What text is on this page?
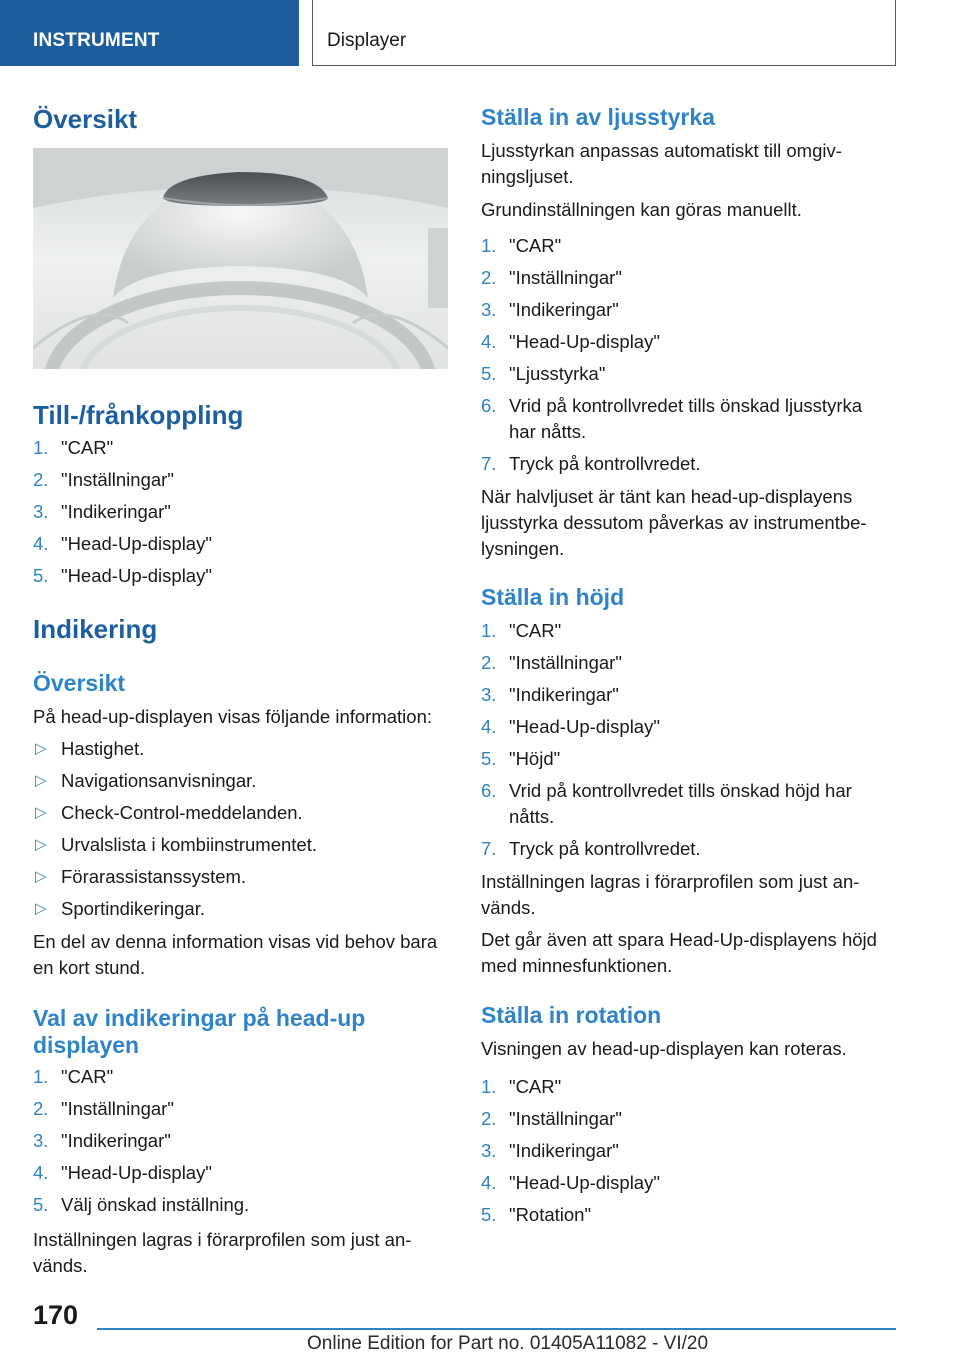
INSTRUMENT	Displayer
Översikt
Till-/frånkoppling
1. "CAR"
2. "Inställningar"
3. "Indikeringar"
4. "Head-Up-display"
5. "Head-Up-display"
Indikering
Översikt
På head-up-displayen visas följande information:
▷ Hastighet.
▷ Navigationsanvisningar.
▷ Check-Control-meddelanden.
▷ Urvalslista i kombiinstrumentet.
▷ Förarassistanssystem.
▷ Sportindikeringar.
En del av denna information visas vid behov bara en kort stund.
Val av indikeringar på head-up displayen
1. "CAR"
2. "Inställningar"
3. "Indikeringar"
4. "Head-Up-display"
5. Välj önskad inställning.
Inställningen lagras i förarprofilen som just används.
Ställa in av ljusstyrka
Ljusstyrkan anpassas automatiskt till omgivningsljuset.
Grundinställningen kan göras manuellt.
1. "CAR"
2. "Inställningar"
3. "Indikeringar"
4. "Head-Up-display"
5. "Ljusstyrka"
6. Vrid på kontrollvredet tills önskad ljusstyrka har nåtts.
7. Tryck på kontrollvredet.
När halvljuset är tänt kan head-up-displayens ljusstyrka dessutom påverkas av instrumentbelysningen.
Ställa in höjd
1. "CAR"
2. "Inställningar"
3. "Indikeringar"
4. "Head-Up-display"
5. "Höjd"
6. Vrid på kontrollvredet tills önskad höjd har nåtts.
7. Tryck på kontrollvredet.
Inställningen lagras i förarprofilen som just används.
Det går även att spara Head-Up-displayens höjd med minnesfunktionen.
Ställa in rotation
Visningen av head-up-displayen kan roteras.
1. "CAR"
2. "Inställningar"
3. "Indikeringar"
4. "Head-Up-display"
5. "Rotation"
170
Online Edition for Part no. 01405A11082 - VI/20
